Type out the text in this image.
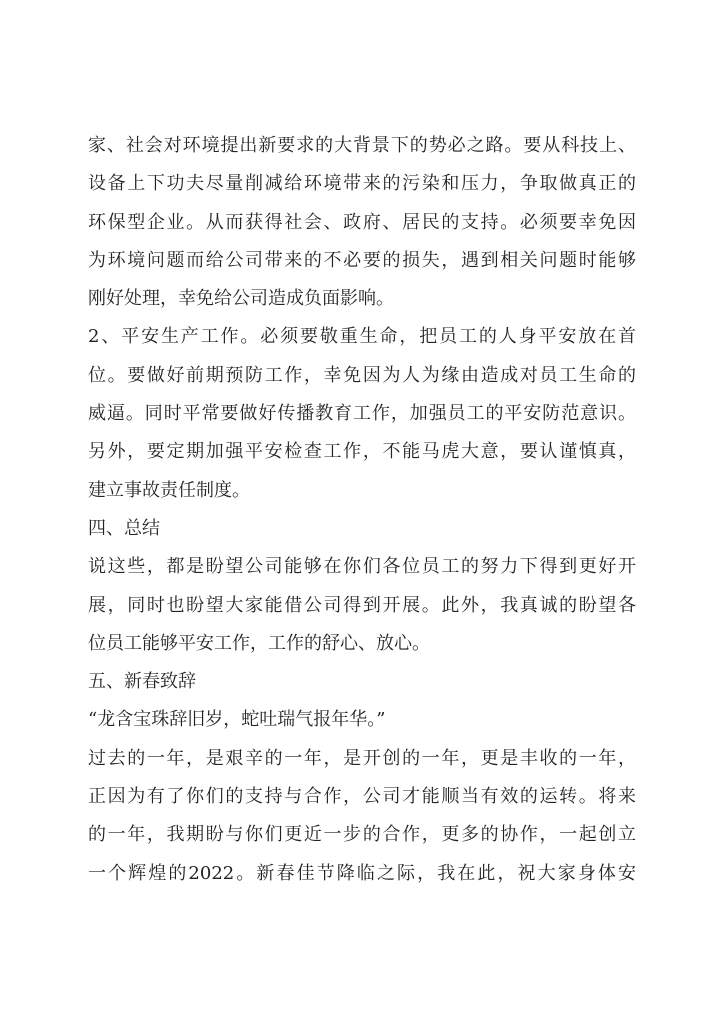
家、社会对环境提出新要求的大背景下的势必之路。要从科技上、
设备上下功夫尽量削减给环境带来的污染和压力，争取做真正的
环保型企业。从而获得社会、政府、居民的支持。必须要幸免因
为环境问题而给公司带来的不必要的损失，遇到相关问题时能够
刚好处理，幸免给公司造成负面影响。
2、平安生产工作。必须要敬重生命，把员工的人身平安放在首
位。要做好前期预防工作，幸免因为人为缘由造成对员工生命的
威逼。同时平常要做好传播教育工作，加强员工的平安防范意识。
另外，要定期加强平安检查工作，不能马虎大意，要认谨慎真，
建立事故责任制度。
四、总结
说这些，都是盼望公司能够在你们各位员工的努力下得到更好开
展，同时也盼望大家能借公司得到开展。此外，我真诚的盼望各
位员工能够平安工作，工作的舒心、放心。
五、新春致辞
“龙含宝珠辞旧岁，蛇吐瑞气报年华。”
过去的一年，是艰辛的一年，是开创的一年，更是丰收的一年，
正因为有了你们的支持与合作，公司才能顺当有效的运转。将来
的一年，我期盼与你们更近一步的合作，更多的协作，一起创立
一个辉煌的2022。新春佳节降临之际，我在此，祝大家身体安
